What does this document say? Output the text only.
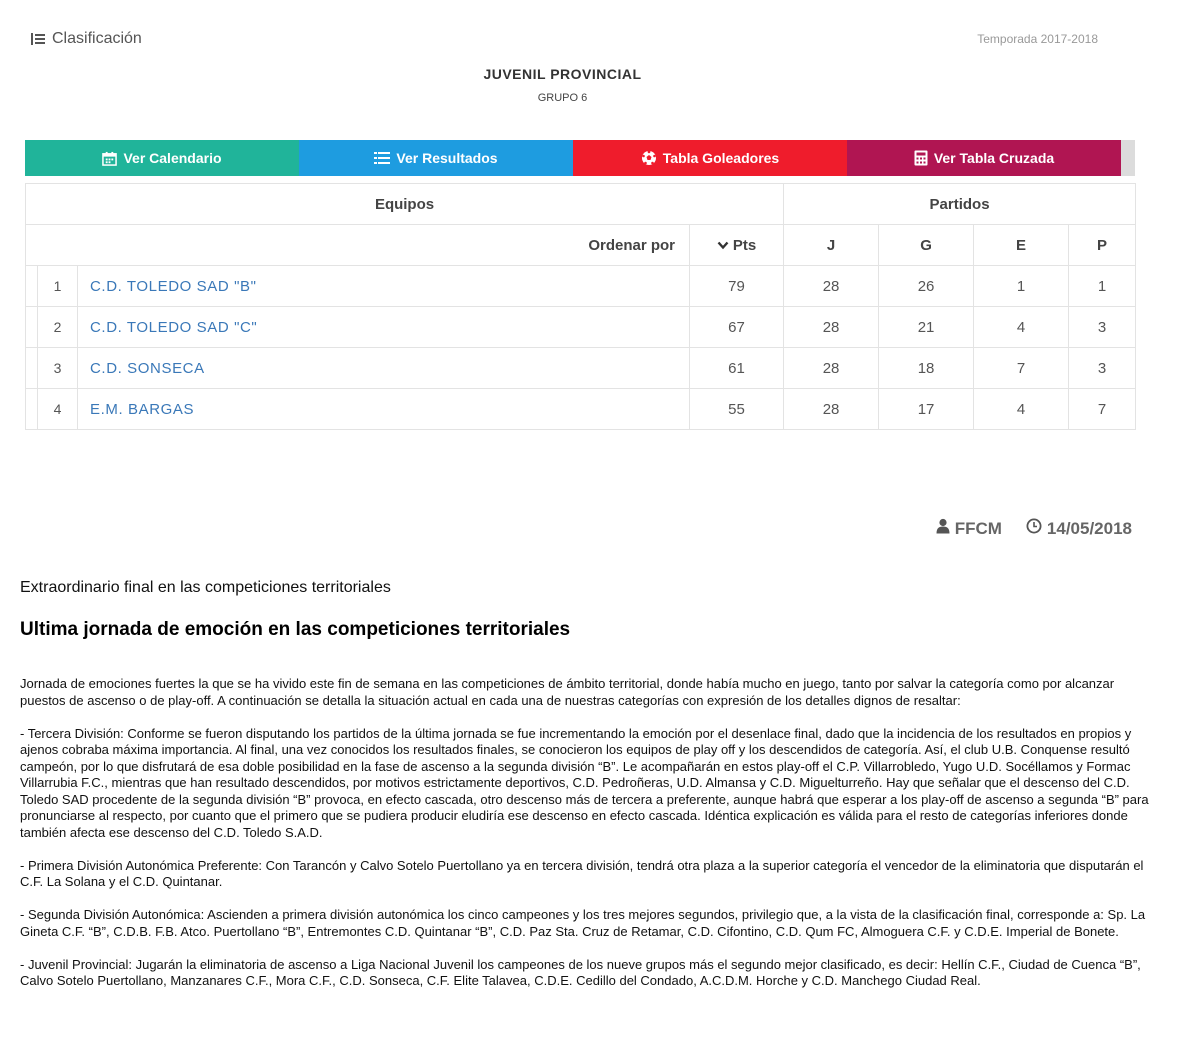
Clasificación	Temporada 2017-2018
JUVENIL PROVINCIAL
GRUPO 6
Ver Calendario	Ver Resultados	Tabla Goleadores	Ver Tabla Cruzada
Equipos				Partidos			
Ordenar por			Pts	J	G	E	P
	1	C.D. TOLEDO SAD "B"	79	28	26	1	1
	2	C.D. TOLEDO SAD "C"	67	28	21	4	3
	3	C.D. SONSECA	61	28	18	7	3
	4	E.M. BARGAS	55	28	17	4	7
FFCM	14/05/2018
Extraordinario final en las competiciones territoriales
Ultima jornada de emoción en las competiciones territoriales

Jornada de emociones fuertes la que se ha vivido este fin de semana en las competiciones de ámbito territorial, donde había mucho en juego, tanto por salvar la categoría como por alcanzar puestos de ascenso o de play-off. A continuación se detalla la situación actual en cada una de nuestras categorías con expresión de los detalles dignos de resaltar:

- Tercera División: Conforme se fueron disputando los partidos de la última jornada se fue incrementando la emoción por el desenlace final, dado que la incidencia de los resultados en propios y ajenos cobraba máxima importancia. Al final, una vez conocidos los resultados finales, se conocieron los equipos de play off y los descendidos de categoría. Así, el club U.B. Conquense resultó campeón, por lo que disfrutará de esa doble posibilidad en la fase de ascenso a la segunda división “B”. Le acompañarán en estos play-off el C.P. Villarrobledo, Yugo U.D. Socéllamos y Formac Villarrubia F.C., mientras que han resultado descendidos, por motivos estrictamente deportivos, C.D. Pedroñeras, U.D. Almansa y C.D. Miguelturreño. Hay que señalar que el descenso del C.D. Toledo SAD procedente de la segunda división “B” provoca, en efecto cascada, otro descenso más de tercera a preferente, aunque habrá que esperar a los play-off de ascenso a segunda “B” para pronunciarse al respecto, por cuanto que el primero que se pudiera producir eludiría ese descenso en efecto cascada. Idéntica explicación es válida para el resto de categorías inferiores donde también afecta ese descenso del C.D. Toledo S.A.D.

- Primera División Autonómica Preferente: Con Tarancón y Calvo Sotelo Puertollano ya en tercera división, tendrá otra plaza a la superior categoría el vencedor de la eliminatoria que disputarán el C.F. La Solana y el C.D. Quintanar.

- Segunda División Autonómica: Ascienden a primera división autonómica los cinco campeones y los tres mejores segundos, privilegio que, a la vista de la clasificación final, corresponde a: Sp. La Gineta C.F. “B”, C.D.B. F.B. Atco. Puertollano “B”, Entremontes C.D. Quintanar “B”, C.D. Paz Sta. Cruz de Retamar, C.D. Cifontino, C.D. Qum FC, Almoguera C.F. y C.D.E. Imperial de Bonete.

- Juvenil Provincial: Jugarán la eliminatoria de ascenso a Liga Nacional Juvenil los campeones de los nueve grupos más el segundo mejor clasificado, es decir: Hellín C.F., Ciudad de Cuenca “B”, Calvo Sotelo Puertollano, Manzanares C.F., Mora C.F., C.D. Sonseca, C.F. Elite Talavea, C.D.E. Cedillo del Condado, A.C.D.M. Horche y C.D. Manchego Ciudad Real.
